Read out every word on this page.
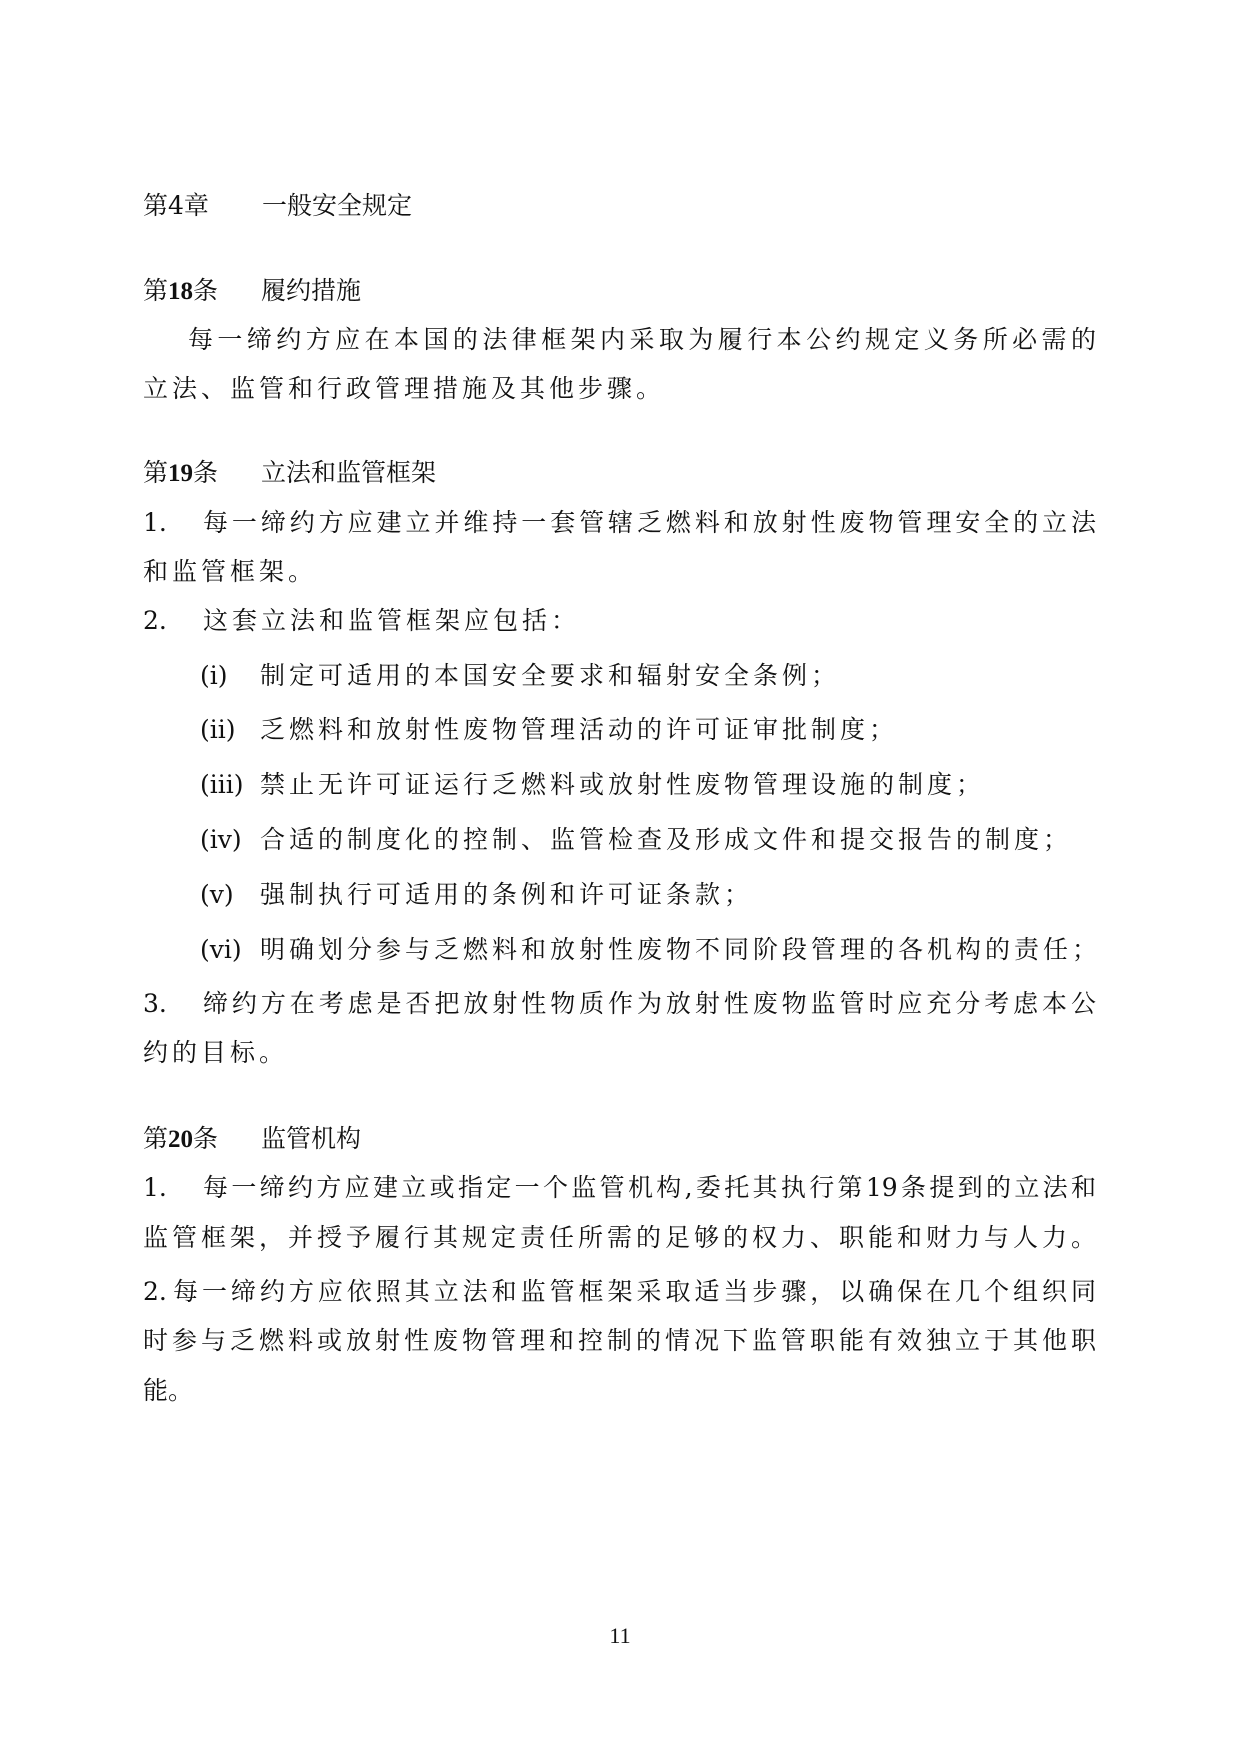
第4章 一般安全规定
第18条 履约措施
每一缔约方应在本国的法律框架内采取为履行本公约规定义务所必需的
立法、监管和行政管理措施及其他步骤。
第19条 立法和监管框架
1. 每一缔约方应建立并维持一套管辖乏燃料和放射性废物管理安全的立法
和监管框架。
2. 这套立法和监管框架应包括：
(i) 制定可适用的本国安全要求和辐射安全条例；
(ii) 乏燃料和放射性废物管理活动的许可证审批制度；
(iii) 禁止无许可证运行乏燃料或放射性废物管理设施的制度；
(iv) 合适的制度化的控制、监管检查及形成文件和提交报告的制度；
(v) 强制执行可适用的条例和许可证条款；
(vi) 明确划分参与乏燃料和放射性废物不同阶段管理的各机构的责任；
3. 缔约方在考虑是否把放射性物质作为放射性废物监管时应充分考虑本公
约的目标。
第20条 监管机构
1. 每一缔约方应建立或指定一个监管机构,委托其执行第19条提到的立法和
监管框架，并授予履行其规定责任所需的足够的权力、职能和财力与人力。
2. 每一缔约方应依照其立法和监管框架采取适当步骤，以确保在几个组织同
时参与乏燃料或放射性废物管理和控制的情况下监管职能有效独立于其他职
能。
11
